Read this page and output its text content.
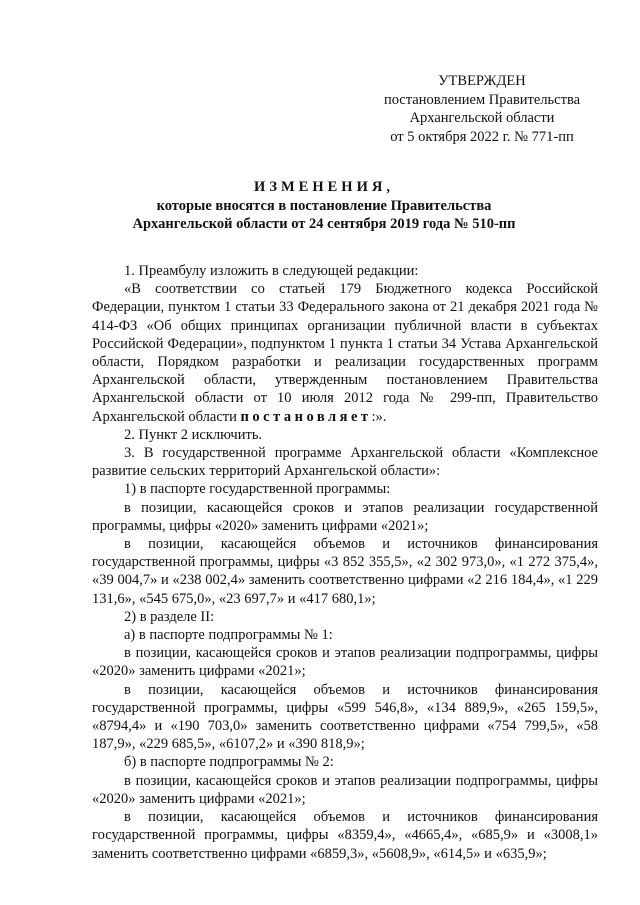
УТВЕРЖДЕН
постановлением Правительства
Архангельской области
от 5 октября 2022 г. № 771-пп
ИЗМЕНЕНИЯ,
которые вносятся в постановление Правительства
Архангельской области от 24 сентября 2019 года № 510-пп

1. Преамбулу изложить в следующей редакции:

«В соответствии со статьей 179 Бюджетного кодекса Российской Федерации, пунктом 1 статьи 33 Федерального закона от 21 декабря 2021 года № 414-ФЗ «Об общих принципах организации публичной власти в субъектах Российской Федерации», подпунктом 1 пункта 1 статьи 34 Устава Архангельской области, Порядком разработки и реализации государственных программ Архангельской области, утвержденным постановлением Правительства Архангельской области от 10 июля 2012 года № 299-пп, Правительство Архангельской области постановляет:».

2. Пункт 2 исключить.

3. В государственной программе Архангельской области «Комплексное развитие сельских территорий Архангельской области»:

1) в паспорте государственной программы:

в позиции, касающейся сроков и этапов реализации государственной программы, цифры «2020» заменить цифрами «2021»;

в позиции, касающейся объемов и источников финансирования государственной программы, цифры «3 852 355,5», «2 302 973,0», «1 272 375,4», «39 004,7» и «238 002,4» заменить соответственно цифрами «2 216 184,4», «1 229 131,6», «545 675,0», «23 697,7» и «417 680,1»;

2) в разделе II:

а) в паспорте подпрограммы № 1:

в позиции, касающейся сроков и этапов реализации подпрограммы, цифры «2020» заменить цифрами «2021»;

в позиции, касающейся объемов и источников финансирования государственной программы, цифры «599 546,8», «134 889,9», «265 159,5», «8794,4» и «190 703,0» заменить соответственно цифрами «754 799,5», «58 187,9», «229 685,5», «6107,2» и «390 818,9»;

б) в паспорте подпрограммы № 2:

в позиции, касающейся сроков и этапов реализации подпрограммы, цифры «2020» заменить цифрами «2021»;

в позиции, касающейся объемов и источников финансирования государственной программы, цифры «8359,4», «4665,4», «685,9» и «3008,1» заменить соответственно цифрами «6859,3», «5608,9», «614,5» и «635,9»;
